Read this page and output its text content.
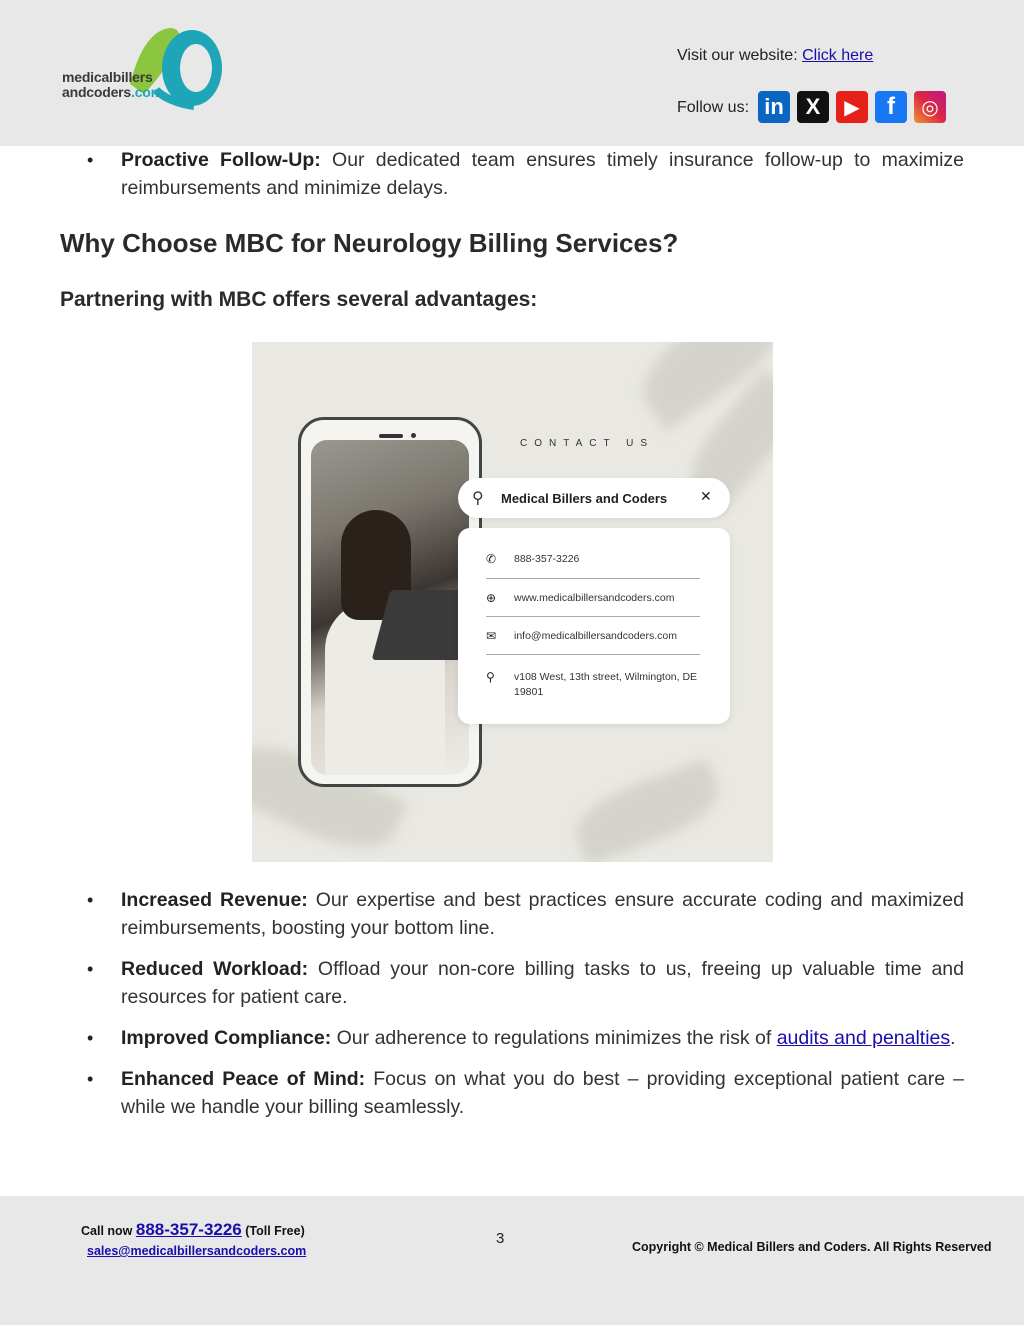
medicalbillers
andcoders.com
Visit our website: Click here
Follow us: in X	▶	f	◎
• Proactive Follow-Up: Our dedicated team ensures timely insurance follow-up to maximize reimbursements and minimize delays.
Why Choose MBC for Neurology Billing Services?
Partnering with MBC offers several advantages:
CONTACT US
⚲ Medical Billers and Coders ✕
✆	888-357-3226
⊕	www.medicalbillersandcoders.com
✉	info@medicalbillersandcoders.com
⚲	v108 West, 13th street, Wilmington, DE 19801
• Increased Revenue: Our expertise and best practices ensure accurate coding and maximized reimbursements, boosting your bottom line.
• Reduced Workload: Offload your non-core billing tasks to us, freeing up valuable time and resources for patient care.
• Improved Compliance: Our adherence to regulations minimizes the risk of audits and penalties.
• Enhanced Peace of Mind: Focus on what you do best – providing exceptional patient care – while we handle your billing seamlessly.
Call now 888-357-3226 (Toll Free)
sales@medicalbillersandcoders.com
3	Copyright © Medical Billers and Coders. All Rights Reserved
